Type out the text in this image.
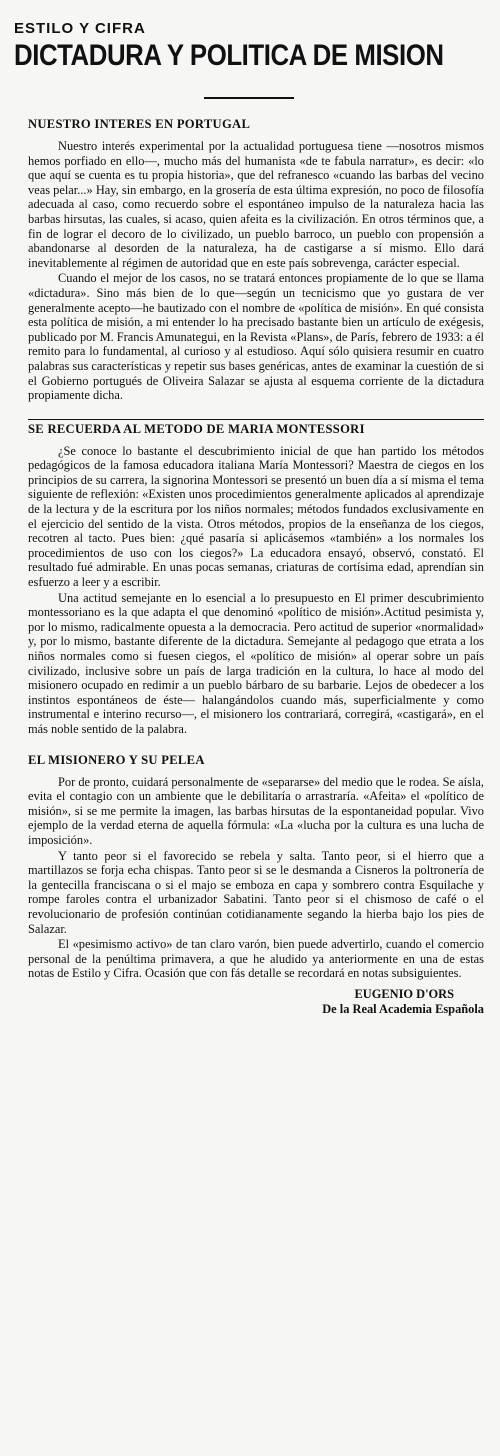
ESTILO Y CIFRA
DICTADURA Y POLITICA DE MISION
NUESTRO INTERES EN PORTUGAL

Nuestro interés experimental por la actualidad portuguesa tiene —nosotros mismos hemos porfiado en ello—, mucho más del humanista «de te fabula narratur», es decir: «lo que aquí se cuenta es tu propia historia», que del refranesco «cuando las barbas del vecino veas pelar...» Hay, sin embargo, en la grosería de esta última expresión, no poco de filosofía adecuada al caso, como recuerdo sobre el espontáneo impulso de la naturaleza hacia las barbas hirsutas, las cuales, si acaso, quien afeita es la civilización. En otros términos que, a fin de lograr el decoro de lo civilizado, un pueblo barroco, un pueblo con propensión a abandonarse al desorden de la naturaleza, ha de castigarse a sí mismo. Ello dará inevitablemente al régimen de autoridad que en este país sobrevenga, carácter especial.

Cuando el mejor de los casos, no se tratará entonces propiamente de lo que se llama «dictadura». Sino más bien de lo que—según un tecnicismo que yo gustara de ver generalmente acepto—he bautizado con el nombre de «política de misión». En qué consista esta política de misión, a mi entender lo ha precisado bastante bien un artículo de exégesis, publicado por M. Francis Amunategui, en la Revista «Plans», de París, febrero de 1933: a él remito para lo fundamental, al curioso y al estudioso. Aquí sólo quisiera resumir en cuatro palabras sus características y repetir sus bases genéricas, antes de examinar la cuestión de si el Gobierno portugués de Oliveira Salazar se ajusta al esquema corriente de la dictadura propiamente dicha.

SE RECUERDA AL METODO DE MARIA MONTESSORI

¿Se conoce lo bastante el descubrimiento inicial de que han partido los métodos pedagógicos de la famosa educadora italiana María Montessori? Maestra de ciegos en los principios de su carrera, la signorina Montessori se presentó un buen día a sí misma el tema siguiente de reflexión: «Existen unos procedimientos generalmente aplicados al aprendizaje de la lectura y de la escritura por los niños normales; métodos fundados exclusivamente en el ejercicio del sentido de la vista. Otros métodos, propios de la enseñanza de los ciegos, recotren al tacto. Pues bien: ¿qué pasaría si aplicásemos «también» a los normales los procedimientos de uso con los ciegos?» La educadora ensayó, observó, constató. El resultado fué admirable. En unas pocas semanas, criaturas de cortísima edad, aprendían sin esfuerzo a leer y a escribir.

Una actitud semejante en lo esencial a lo presupuesto en El primer descubrimiento montessoriano es la que adapta el que denominó «político de misión».Actitud pesimista y, por lo mismo, radicalmente opuesta a la democracia. Pero actitud de superior «normalidad» y, por lo mismo, bastante diferente de la dictadura. Semejante al pedagogo que etrata a los niños normales como si fuesen ciegos, el «político de misión» al operar sobre un país civilizado, inclusive sobre un país de larga tradición en la cultura, lo hace al modo del misionero ocupado en redimir a un pueblo bárbaro de su barbarie. Lejos de obedecer a los instintos espontáneos de éste— halangándolos cuando más, superficialmente y como instrumental e interino recurso—, el misionero los contrariará, corregirá, «castigará», en el más noble sentido de la palabra.

EL MISIONERO Y SU PELEA

Por de pronto, cuidará personalmente de «separarse» del medio que le rodea. Se aísla, evita el contagio con un ambiente que le debilitaría o arrastraría. «Afeita» el «político de misión», si se me permite la imagen, las barbas hirsutas de la espontaneidad popular. Vivo ejemplo de la verdad eterna de aquella fórmula: «La «lucha por la cultura es una lucha de imposición».

Y tanto peor si el favorecido se rebela y salta. Tanto peor, si el hierro que a martillazos se forja echa chispas. Tanto peor si se le desmanda a Cisneros la poltronería de la gentecilla franciscana o si el majo se emboza en capa y sombrero contra Esquilache y rompe faroles contra el urbanizador Sabatini. Tanto peor si el chismoso de café o el revolucionario de profesión continúan cotidianamente segando la hierba bajo los pies de Salazar.

El «pesimismo activo» de tan claro varón, bien puede advertirlo, cuando el comercio personal de la penúltima primavera, a que he aludido ya anteriormente en una de estas notas de Estilo y Cifra. Ocasión que con fás detalle se recordará en notas subsiguientes.

EUGENIO D'ORS
De la Real Academia Española
